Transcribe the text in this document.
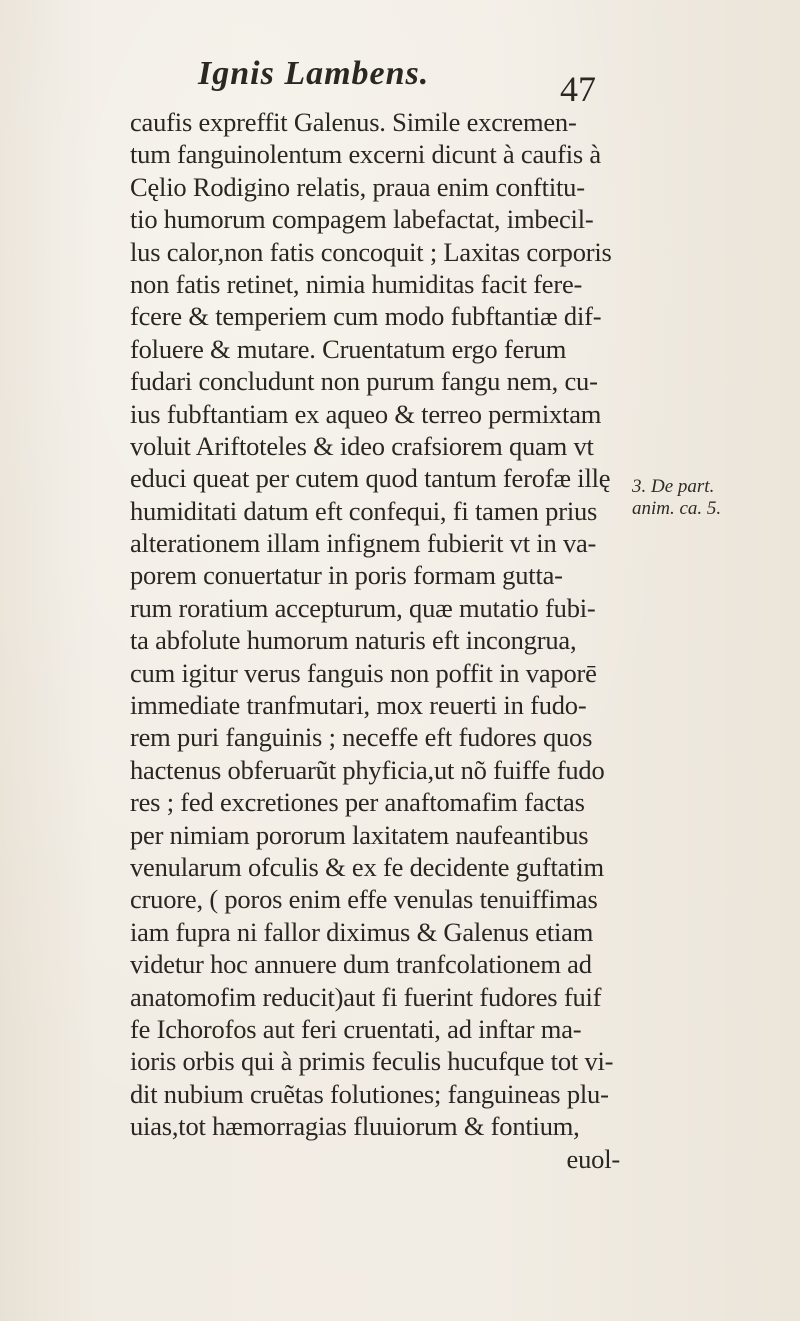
Ignis Lambens.	47
caufis expreffit Galenus. Simile excremen-
tum fanguinolentum excerni dicunt à caufis à
Cęlio Rodigino relatis, praua enim conftitu-
tio humorum compagem labefactat, imbecil-
lus calor,non fatis concoquit ; Laxitas corporis
non fatis retinet, nimia humiditas facit fere-
fcere & temperiem cum modo fubftantiæ dif-
foluere & mutare. Cruentatum ergo ferum
fudari concludunt non purum fangu nem, cu-
ius fubftantiam ex aqueo & terreo permixtam
voluit Ariftoteles & ideo crafsiorem quam vt
educi queat per cutem quod tantum ferofæ illę
humiditati datum eft confequi, fi tamen prius
alterationem illam infignem fubierit vt in va-
porem conuertatur in poris formam gutta-
rum roratium accepturum, quæ mutatio fubi-
ta abfolute humorum naturis eft incongrua,
cum igitur verus fanguis non poffit in vaporē
immediate tranfmutari, mox reuerti in fudo-
rem puri fanguinis ; neceffe eft fudores quos
hactenus obferuarũt phyficia,ut nõ fuiffe fudo
res ; fed excretiones per anaftomafim factas
per nimiam pororum laxitatem naufeantibus
venularum ofculis & ex fe decidente guftatim
cruore, ( poros enim effe venulas tenuiffimas
iam fupra ni fallor diximus & Galenus etiam
videtur hoc annuere dum tranfcolationem ad
anatomofim reducit)aut fi fuerint fudores fuif
fe Ichorofos aut feri cruentati, ad inftar ma-
ioris orbis qui à primis feculis hucufque tot vi-
dit nubium cruẽtas folutiones; fanguineas plu-
uias,tot hæmorragias fluuiorum & fontium,
euol-
3. De part.
anim. ca. 5.
